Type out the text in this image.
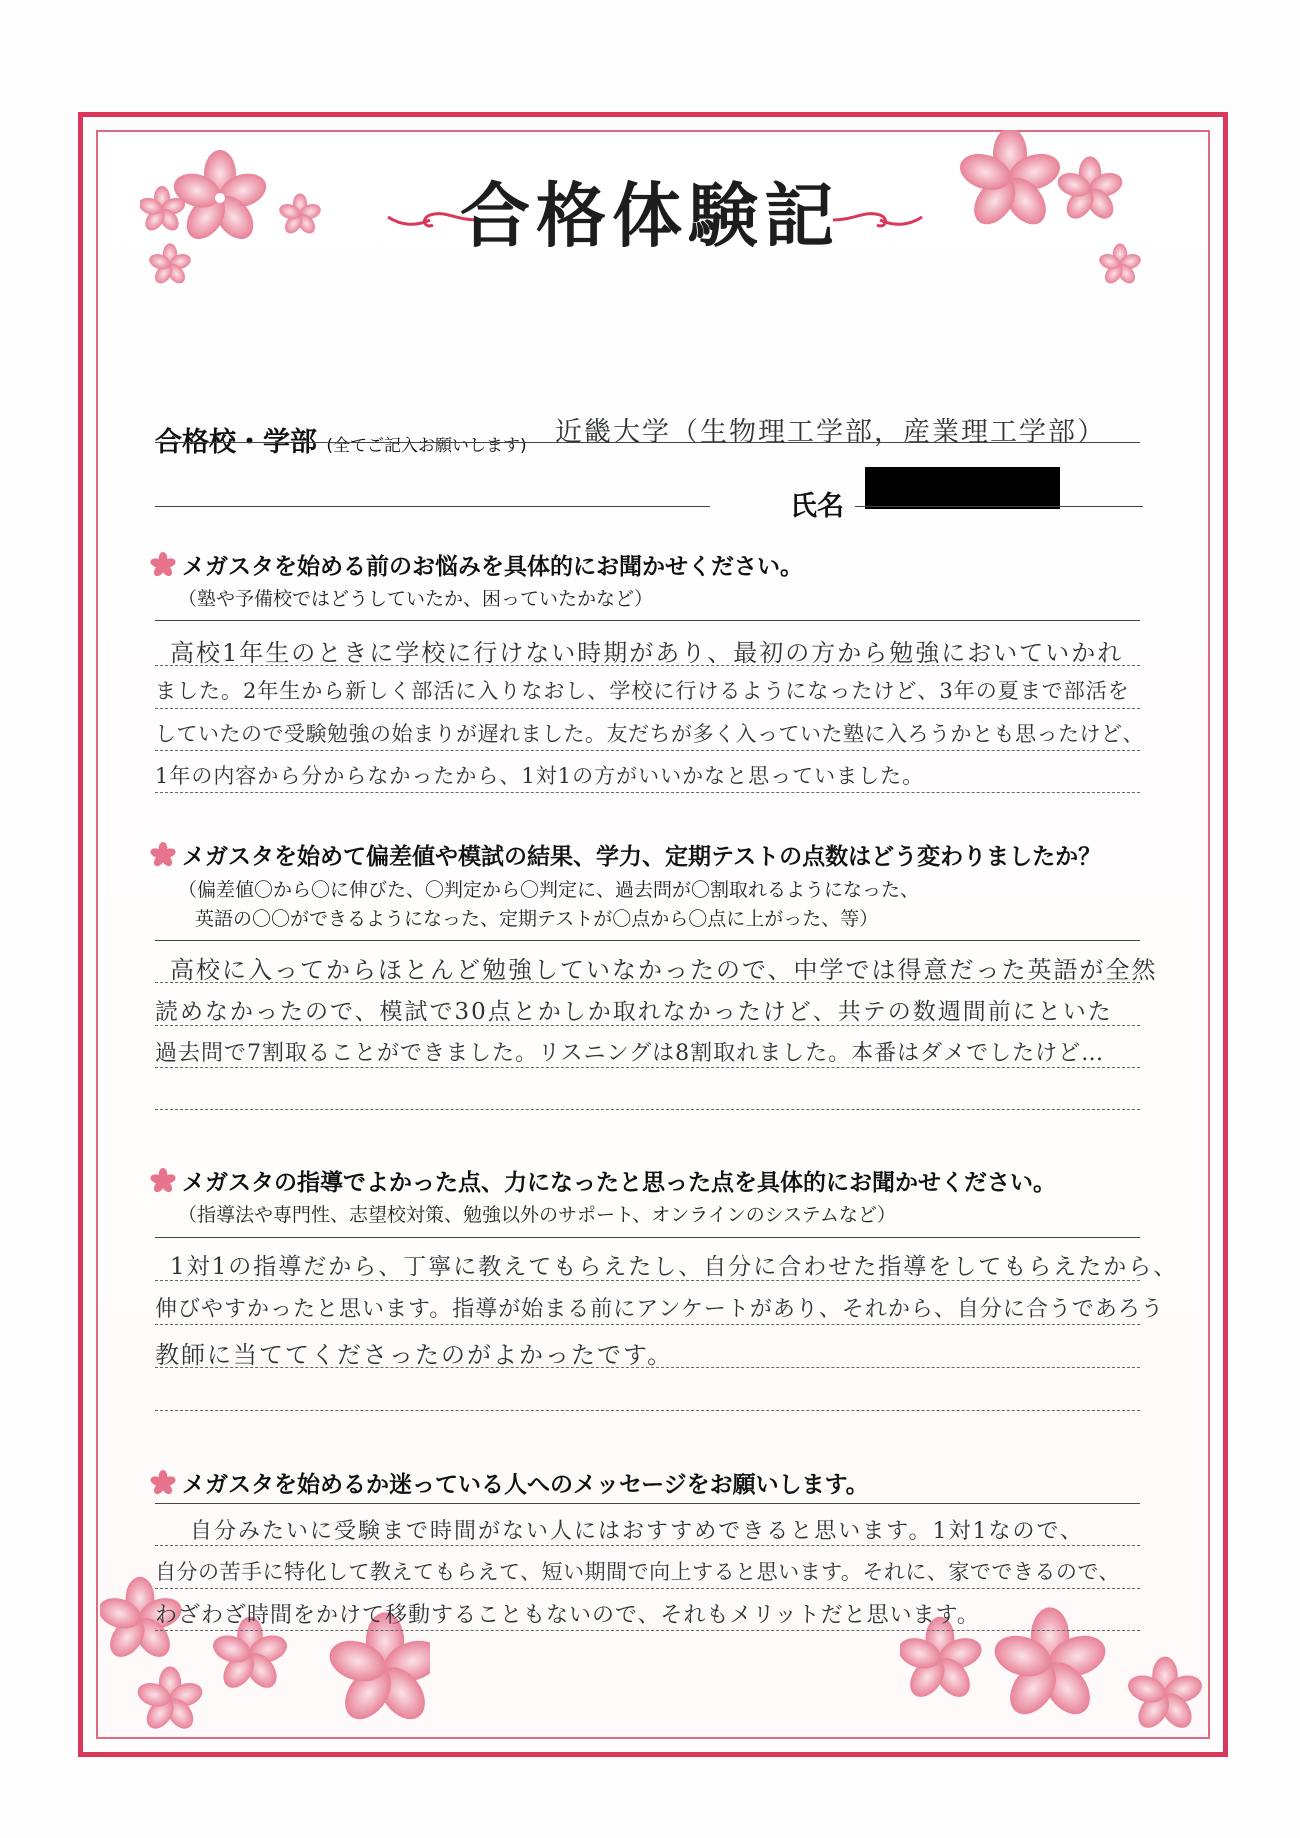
合格体験記
合格校・学部 (全てご記入お願いします) 近畿大学（生物理工学部，産業理工学部）
氏名
メガスタを始める前のお悩みを具体的にお聞かせください。
（塾や予備校ではどうしていたか、困っていたかなど）
高校1年生のときに学校に行けない時期があり、最初の方から勉強においていかれ
ました。2年生から新しく部活に入りなおし、学校に行けるようになったけど、3年の夏まで部活を
していたので受験勉強の始まりが遅れました。友だちが多く入っていた塾に入ろうかとも思ったけど、
1年の内容から分からなかったから、1対1の方がいいかなと思っていました。
メガスタを始めて偏差値や模試の結果、学力、定期テストの点数はどう変わりましたか？
（偏差値〇から〇に伸びた、〇判定から〇判定に、過去問が〇割取れるようになった、
英語の〇〇ができるようになった、定期テストが〇点から〇点に上がった、等）
高校に入ってからほとんど勉強していなかったので、中学では得意だった英語が全然
読めなかったので、模試で30点とかしか取れなかったけど、共テの数週間前にといた
過去問で7割取ることができました。リスニングは8割取れました。本番はダメでしたけど…
メガスタの指導でよかった点、力になったと思った点を具体的にお聞かせください。
（指導法や専門性、志望校対策、勉強以外のサポート、オンラインのシステムなど）
1対1の指導だから、丁寧に教えてもらえたし、自分に合わせた指導をしてもらえたから、
伸びやすかったと思います。指導が始まる前にアンケートがあり、それから、自分に合うであろう
教師に当ててくださったのがよかったです。
メガスタを始めるか迷っている人へのメッセージをお願いします。
自分みたいに受験まで時間がない人にはおすすめできると思います。1対1なので、
自分の苦手に特化して教えてもらえて、短い期間で向上すると思います。それに、家でできるので、
わざわざ時間をかけて移動することもないので、それもメリットだと思います。
